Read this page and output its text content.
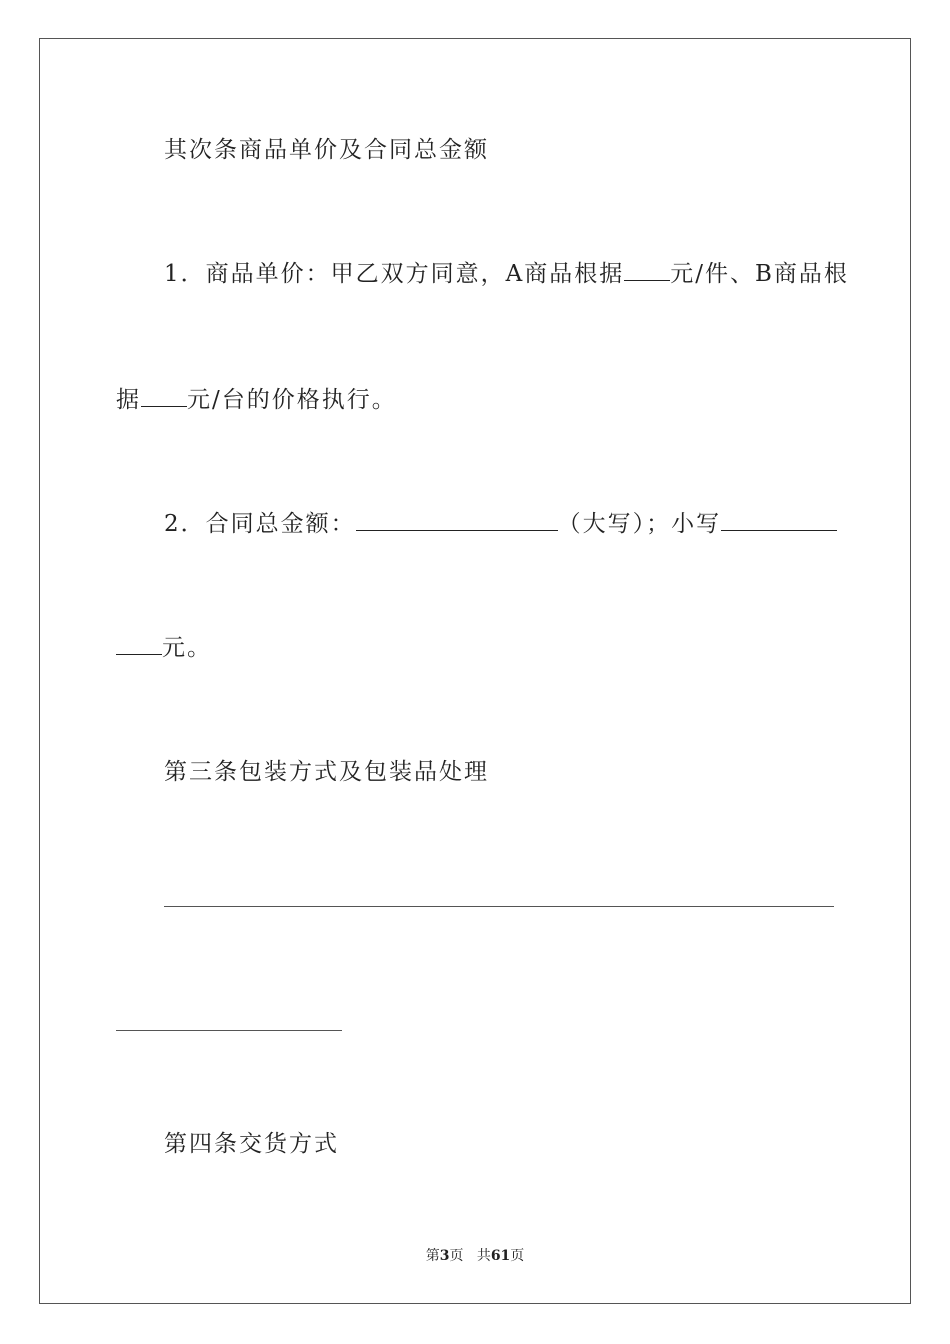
其次条商品单价及合同总金额
1．商品单价：甲乙双方同意，A商品根据 元/件、B商品根
据 元/台的价格执行。
2．合同总金额：	（大写）；小写
元。
第三条包装方式及包装品处理
第四条交货方式
第3页 共61页
